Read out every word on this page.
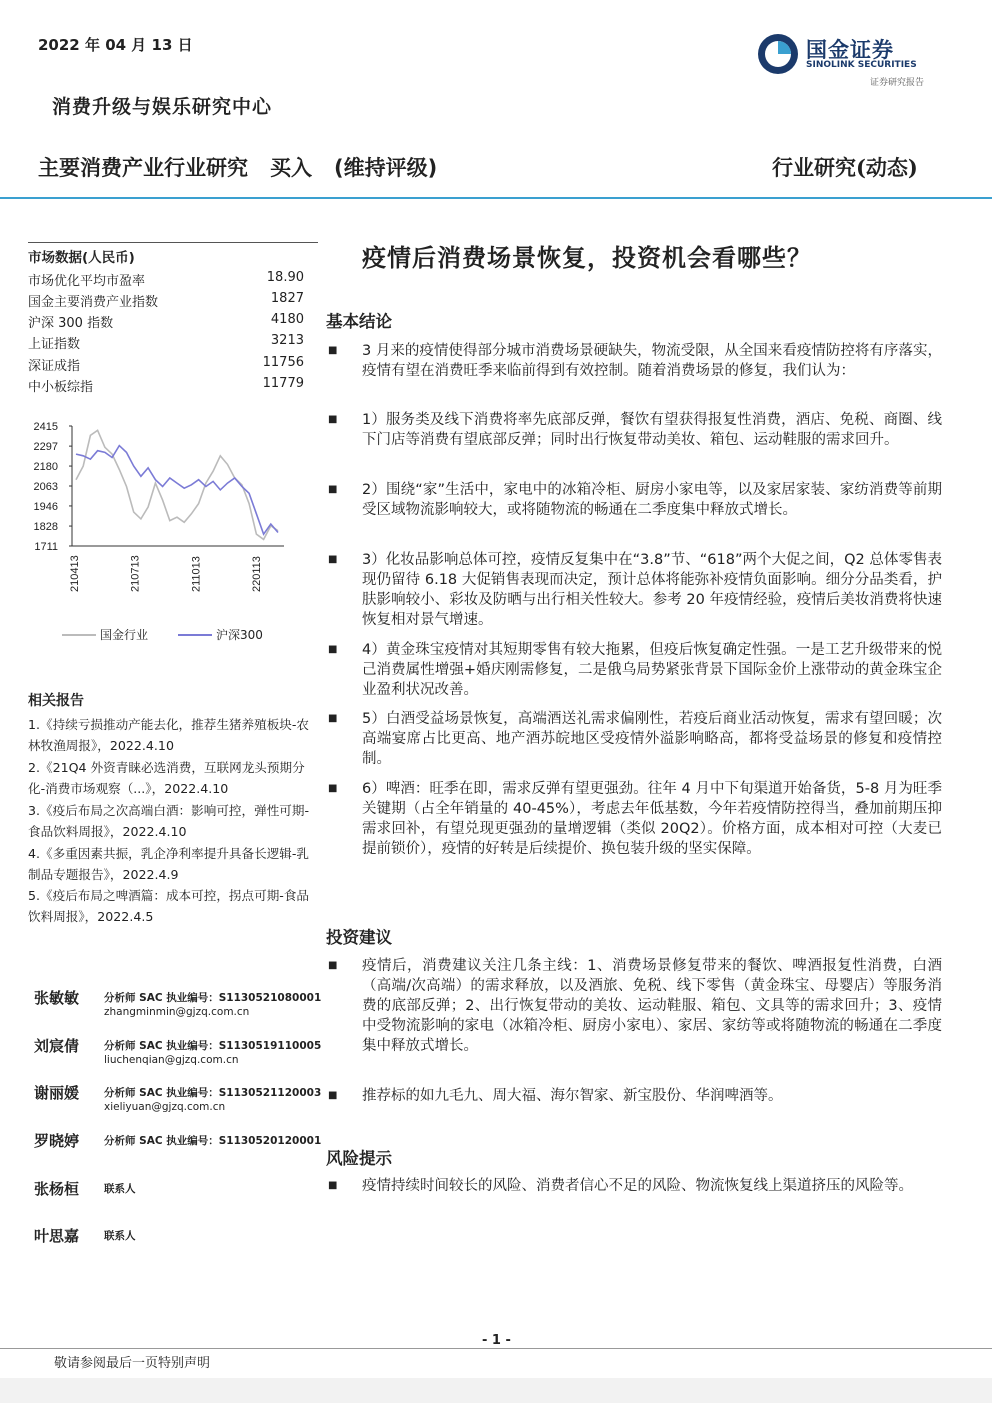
2022 年 04 月 13 日
消费升级与娱乐研究中心
国金证券
SINOLINK SECURITIES
证券研究报告
主要消费产业行业研究 买入 (维持评级)	行业研究(动态)
市场数据(人民币)
市场优化平均市盈率	18.90
国金主要消费产业指数	1827
沪深 300 指数	4180
上证指数	3213
深证成指	11756
中小板综指	11779
2415
2297
2180
2063
1946
1828
1711
210413	210713	211013	220113
国金行业	沪深300
相关报告
1.《持续亏损推动产能去化，推荐生猪养殖板块-农林牧渔周报》，2022.4.10
2.《21Q4 外资青睐必选消费，互联网龙头预期分化-消费市场观察（...》，2022.4.10
3.《疫后布局之次高端白酒：影响可控，弹性可期-食品饮料周报》，2022.4.10
4.《多重因素共振，乳企净利率提升具备长逻辑-乳制品专题报告》，2022.4.9
5.《疫后布局之啤酒篇：成本可控，拐点可期-食品饮料周报》，2022.4.5
张敏敏 分析师 SAC 执业编号：S1130521080001
zhangminmin@gjzq.com.cn
刘宸倩 分析师 SAC 执业编号：S1130519110005
liuchenqian@gjzq.com.cn
谢丽媛 分析师 SAC 执业编号：S1130521120003
xieliyuan@gjzq.com.cn
罗晓婷 分析师 SAC 执业编号：S1130520120001

张杨桓 联系人
叶思嘉 联系人
疫情后消费场景恢复，投资机会看哪些？
基本结论
■ 3 月来的疫情使得部分城市消费场景硬缺失，物流受限，从全国来看疫情防控将有序落实，疫情有望在消费旺季来临前得到有效控制。随着消费场景的修复，我们认为：
■ 1）服务类及线下消费将率先底部反弹，餐饮有望获得报复性消费，酒店、免税、商圈、线下门店等消费有望底部反弹；同时出行恢复带动美妆、箱包、运动鞋服的需求回升。
■ 2）围绕“家”生活中，家电中的冰箱冷柜、厨房小家电等，以及家居家装、家纺消费等前期受区域物流影响较大，或将随物流的畅通在二季度集中释放式增长。
■ 3）化妆品影响总体可控，疫情反复集中在“3.8”节、“618”两个大促之间，Q2 总体零售表现仍留待 6.18 大促销售表现而决定，预计总体将能弥补疫情负面影响。细分分品类看，护肤影响较小、彩妆及防晒与出行相关性较大。参考 20 年疫情经验，疫情后美妆消费将快速恢复相对景气增速。
■ 4）黄金珠宝疫情对其短期零售有较大拖累，但疫后恢复确定性强。一是工艺升级带来的悦己消费属性增强+婚庆刚需修复，二是俄乌局势紧张背景下国际金价上涨带动的黄金珠宝企业盈利状况改善。
■ 5）白酒受益场景恢复，高端酒送礼需求偏刚性，若疫后商业活动恢复，需求有望回暖；次高端宴席占比更高、地产酒苏皖地区受疫情外溢影响略高，都将受益场景的修复和疫情控制。
■ 6）啤酒：旺季在即，需求反弹有望更强劲。往年 4 月中下旬渠道开始备货，5-8 月为旺季关键期（占全年销量的 40-45%），考虑去年低基数，今年若疫情防控得当，叠加前期压抑需求回补，有望兑现更强劲的量增逻辑（类似 20Q2）。价格方面，成本相对可控（大麦已提前锁价），疫情的好转是后续提价、换包装升级的坚实保障。
投资建议
■ 疫情后，消费建议关注几条主线：1、消费场景修复带来的餐饮、啤酒报复性消费，白酒（高端/次高端）的需求释放，以及酒旅、免税、线下零售（黄金珠宝、母婴店）等服务消费的底部反弹；2、出行恢复带动的美妆、运动鞋服、箱包、文具等的需求回升；3、疫情中受物流影响的家电（冰箱冷柜、厨房小家电）、家居、家纺等或将随物流的畅通在二季度集中释放式增长。
■ 推荐标的如九毛九、周大福、海尔智家、新宝股份、华润啤酒等。
风险提示
■ 疫情持续时间较长的风险、消费者信心不足的风险、物流恢复线上渠道挤压的风险等。
- 1 -
敬请参阅最后一页特别声明
